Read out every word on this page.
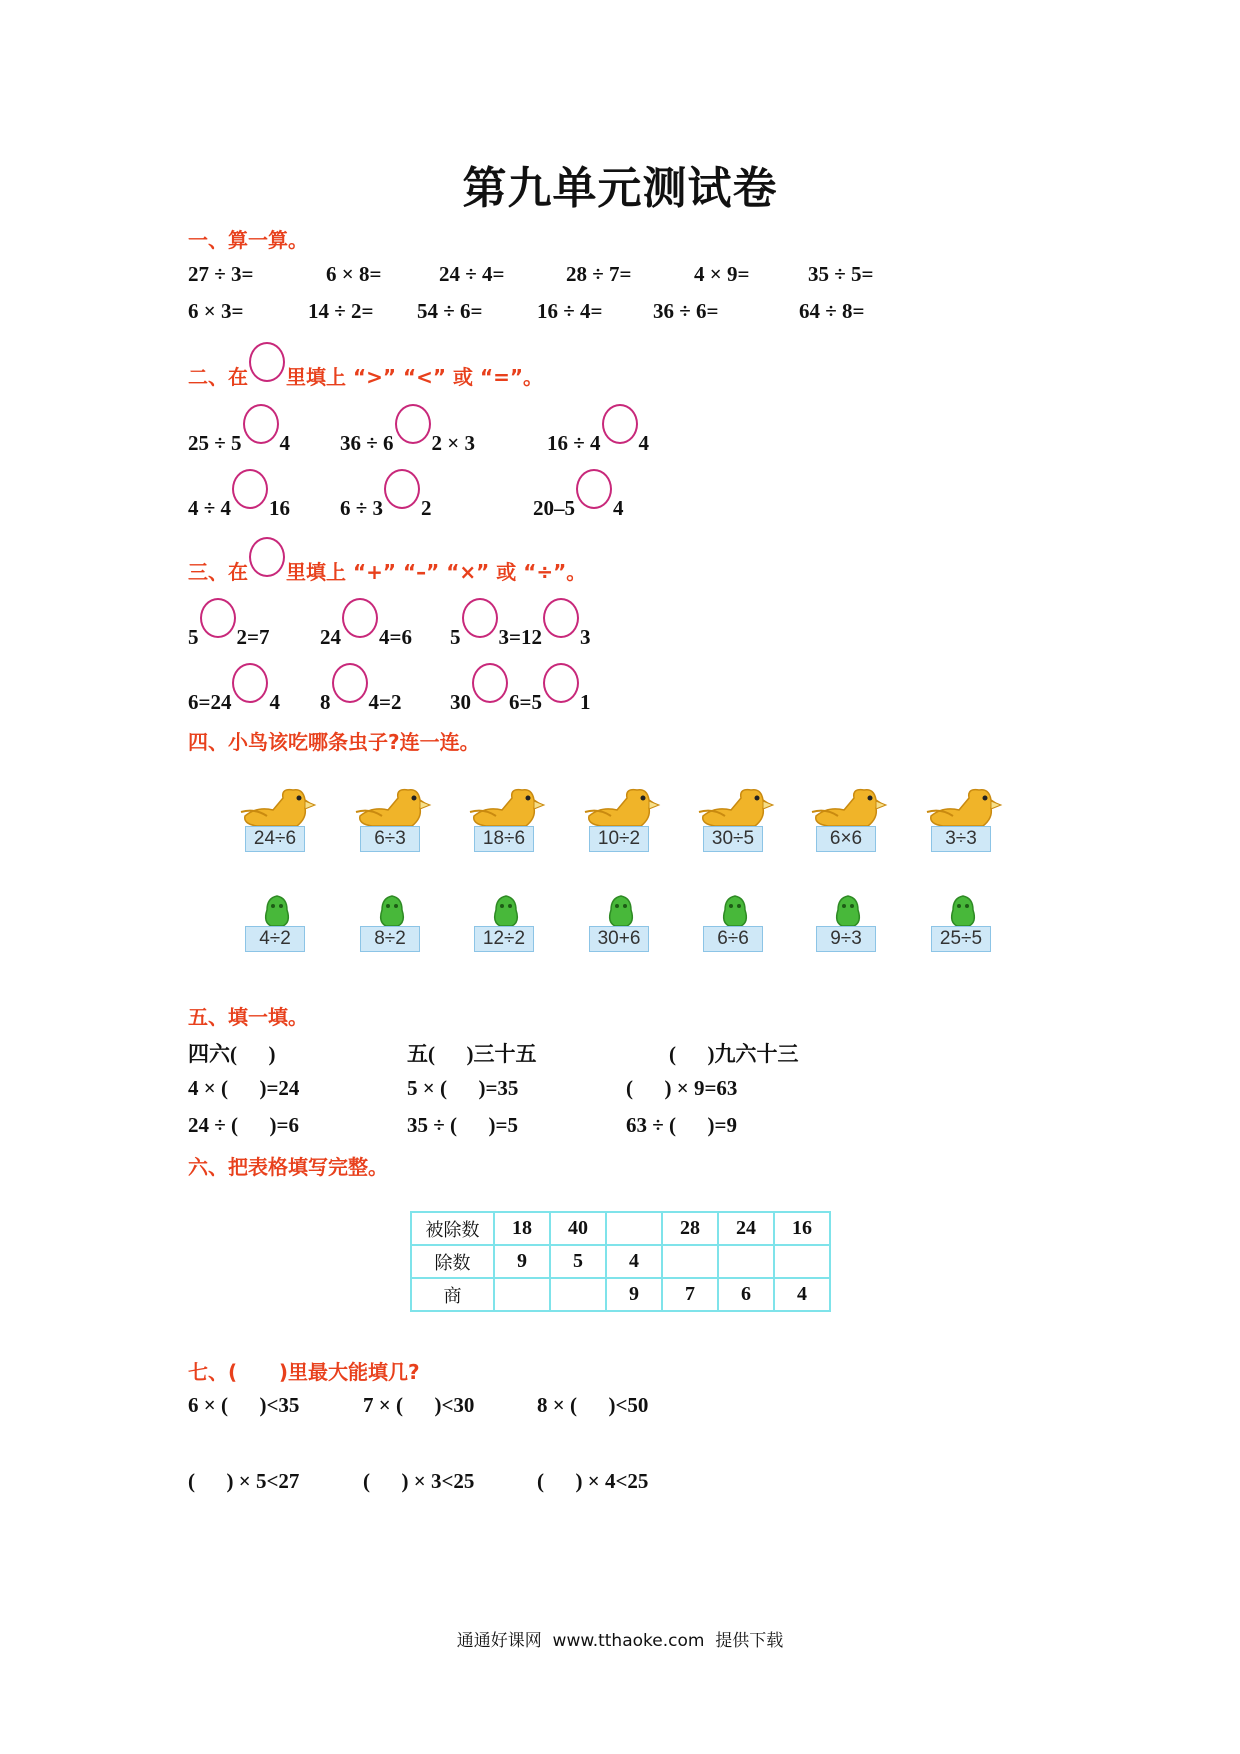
第九单元测试卷
一、算一算。
27 ÷ 3=	6 × 8=	24 ÷ 4=	28 ÷ 7=	4 × 9=	35 ÷ 5=
6 × 3=	14 ÷ 2= 54 ÷ 6=	16 ÷ 4= 36 ÷ 6=	64 ÷ 8=
二、在 里填上 “>” “<” 或 “=”。
25 ÷ 5 4 36 ÷ 6 2 × 3	16 ÷ 4 4
4 ÷ 4 16 6 ÷ 3 2	20–5 4
三、在 里填上 “+” “–” “×” 或 “÷”。
5 2=7 24 4=6 5 3=12 3
6=24 4 8 4=2 30 6=5 1
四、小鸟该吃哪条虫子?连一连。
24÷6	6÷3	18÷6	10÷2	30÷5	6×6	3÷3
4÷2	8÷2	12÷2	30+6	6÷6	9÷3	25÷5
五、填一填。
四六(      )	五(      )三十五	(      )九六十三
4 × (      )=24	5 × (      )=35	(      ) × 9=63
24 ÷ (      )=6	35 ÷ (      )=5	63 ÷ (      )=9
六、把表格填写完整。
七、(      )里最大能填几?
6 × (      )<35	7 × (      )<30	8 × (      )<50
(      ) × 5<27	(      ) × 3<25	(      ) × 4<25
被除数	18	40		28	24	16
除数	9	5	4			
商			9	7	6	4
通通好课网  www.tthaoke.com  提供下载
